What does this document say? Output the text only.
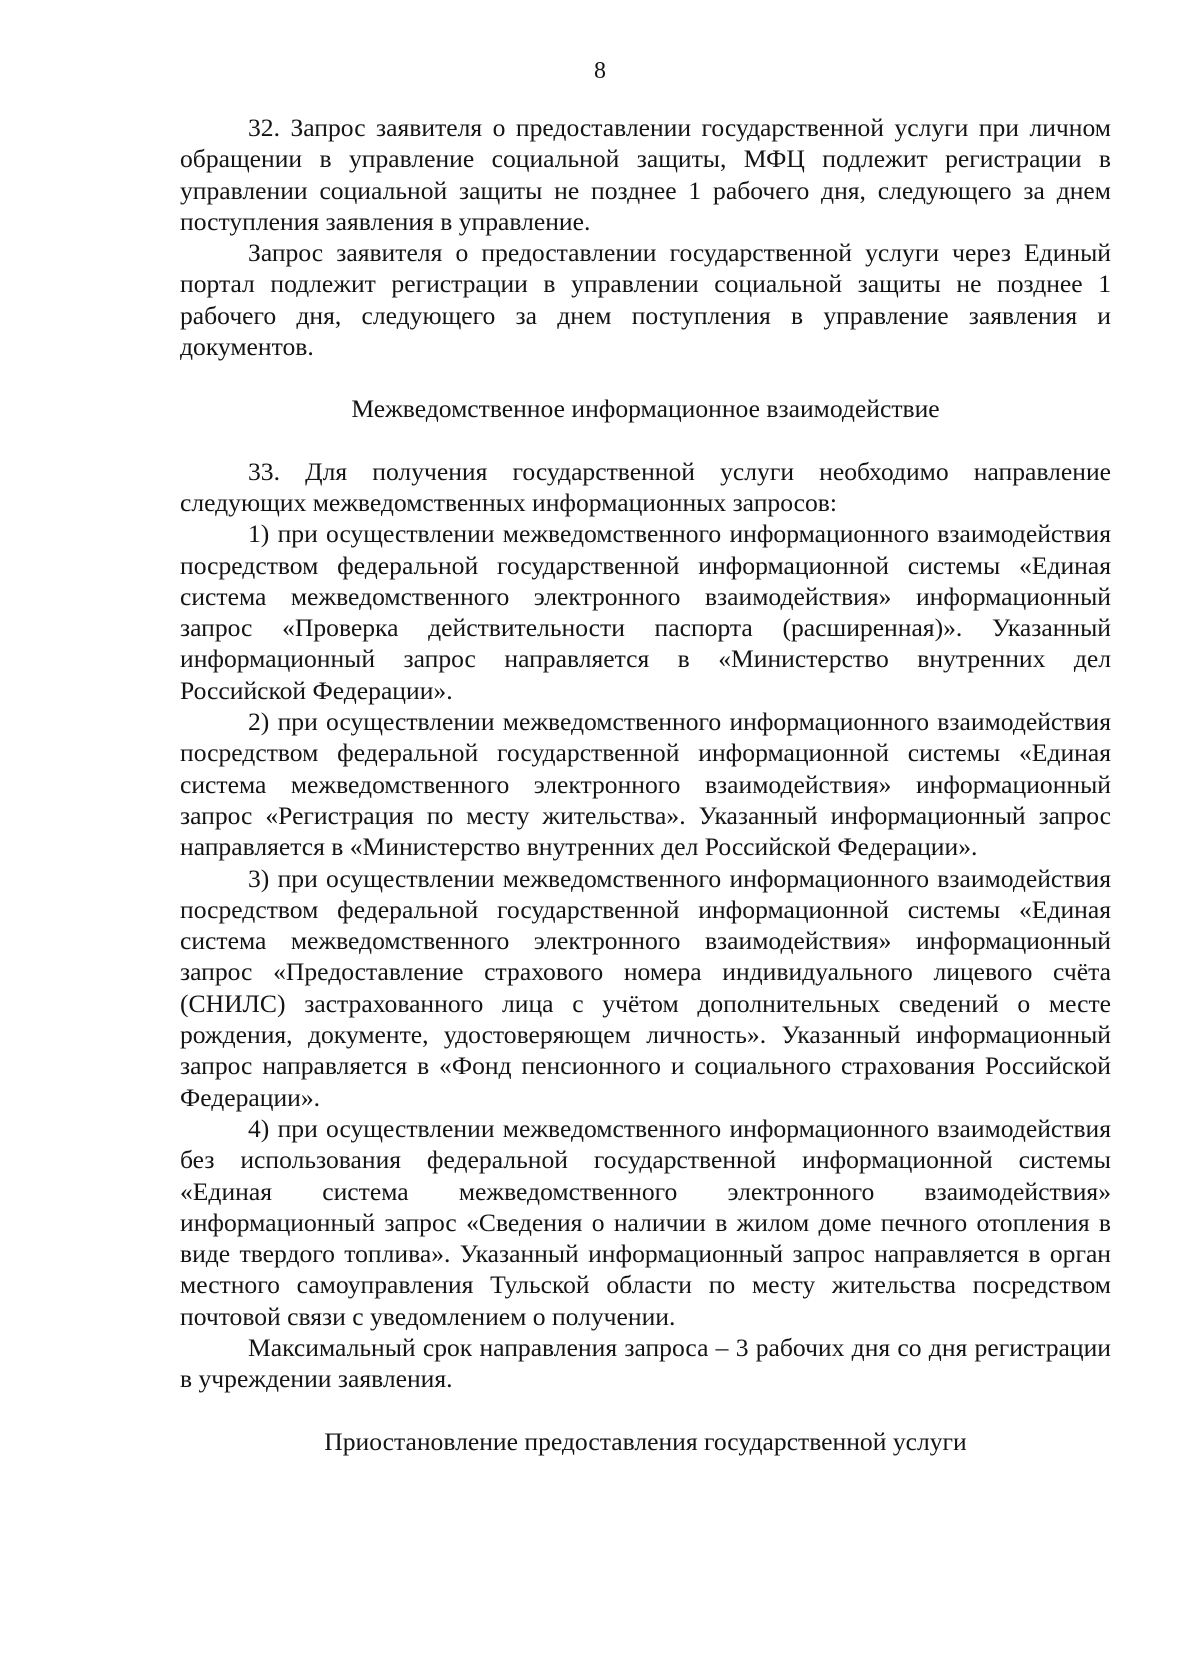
8

32. Запрос заявителя о предоставлении государственной услуги при личном обращении в управление социальной защиты, МФЦ подлежит регистрации в управлении социальной защиты не позднее 1 рабочего дня, следующего за днем поступления заявления в управление.

Запрос заявителя о предоставлении государственной услуги через Единый портал подлежит регистрации в управлении социальной защиты не позднее 1 рабочего дня, следующего за днем поступления в управление заявления и документов.

Межведомственное информационное взаимодействие

33. Для получения государственной услуги необходимо направление следующих межведомственных информационных запросов:

1) при осуществлении межведомственного информационного взаимодействия посредством федеральной государственной информационной системы «Единая система межведомственного электронного взаимодействия» информационный запрос «Проверка действительности паспорта (расширенная)». Указанный информационный запрос направляется в «Министерство внутренних дел Российской Федерации».

2) при осуществлении межведомственного информационного взаимодействия посредством федеральной государственной информационной системы «Единая система межведомственного электронного взаимодействия» информационный запрос «Регистрация по месту жительства». Указанный информационный запрос направляется в «Министерство внутренних дел Российской Федерации».

3) при осуществлении межведомственного информационного взаимодействия посредством федеральной государственной информационной системы «Единая система межведомственного электронного взаимодействия» информационный запрос «Предоставление страхового номера индивидуального лицевого счёта (СНИЛС) застрахованного лица с учётом дополнительных сведений о месте рождения, документе, удостоверяющем личность». Указанный информационный запрос направляется в «Фонд пенсионного и социального страхования Российской Федерации».

4) при осуществлении межведомственного информационного взаимодействия без использования федеральной государственной информационной системы «Единая система межведомственного электронного взаимодействия» информационный запрос «Сведения о наличии в жилом доме печного отопления в виде твердого топлива». Указанный информационный запрос направляется в орган местного самоуправления Тульской области по месту жительства посредством почтовой связи с уведомлением о получении.

Максимальный срок направления запроса – 3 рабочих дня со дня регистрации в учреждении заявления.

Приостановление предоставления государственной услуги
